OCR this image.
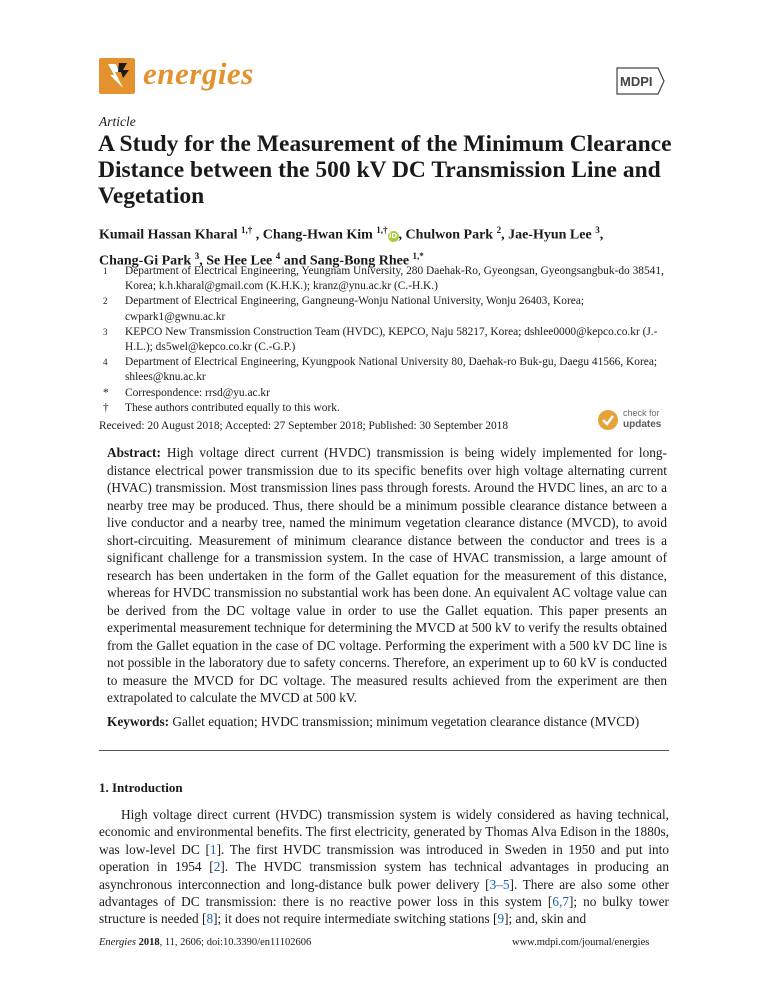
energies	MDPI
Article
A Study for the Measurement of the Minimum Clearance Distance between the 500 kV DC Transmission Line and Vegetation
Kumail Hassan Kharal $^{1,\dagger}$ , Chang-Hwan Kim $^{1,\dagger}$iD, Chulwon Park $^2$, Jae-Hyun Lee $^3$,
Chang-Gi Park $^3$, Se Hee Lee $^4$ and Sang-Bong Rhee $^{1,*}$
1	Department of Electrical Engineering, Yeungnam University, 280 Daehak-Ro, Gyeongsan, Gyeongsangbuk-do 38541, Korea; k.h.kharal@gmail.com (K.H.K.); kranz@ynu.ac.kr (C.-H.K.)
2	Department of Electrical Engineering, Gangneung-Wonju National University, Wonju 26403, Korea; cwpark1@gwnu.ac.kr
3	KEPCO New Transmission Construction Team (HVDC), KEPCO, Naju 58217, Korea; dshlee0000@kepco.co.kr (J.-H.L.); ds5wel@kepco.co.kr (C.-G.P.)
4	Department of Electrical Engineering, Kyungpook National University 80, Daehak-ro Buk-gu, Daegu 41566, Korea; shlees@knu.ac.kr
*	Correspondence: rrsd@yu.ac.kr
†	These authors contributed equally to this work.
Received: 20 August 2018; Accepted: 27 September 2018; Published: 30 September 2018
check for
updates

Abstract: High voltage direct current (HVDC) transmission is being widely implemented for long-distance electrical power transmission due to its specific benefits over high voltage alternating current (HVAC) transmission. Most transmission lines pass through forests. Around the HVDC lines, an arc to a nearby tree may be produced. Thus, there should be a minimum possible clearance distance between a live conductor and a nearby tree, named the minimum vegetation clearance distance (MVCD), to avoid short-circuiting. Measurement of minimum clearance distance between the conductor and trees is a significant challenge for a transmission system. In the case of HVAC transmission, a large amount of research has been undertaken in the form of the Gallet equation for the measurement of this distance, whereas for HVDC transmission no substantial work has been done. An equivalent AC voltage value can be derived from the DC voltage value in order to use the Gallet equation. This paper presents an experimental measurement technique for determining the MVCD at 500 kV to verify the results obtained from the Gallet equation in the case of DC voltage. Performing the experiment with a 500 kV DC line is not possible in the laboratory due to safety concerns. Therefore, an experiment up to 60 kV is conducted to measure the MVCD for DC voltage. The measured results achieved from the experiment are then extrapolated to calculate the MVCD at 500 kV.

Keywords: Gallet equation; HVDC transmission; minimum vegetation clearance distance (MVCD)

1. Introduction

High voltage direct current (HVDC) transmission system is widely considered as having technical, economic and environmental benefits. The first electricity, generated by Thomas Alva Edison in the 1880s, was low-level DC [1]. The first HVDC transmission was introduced in Sweden in 1950 and put into operation in 1954 [2]. The HVDC transmission system has technical advantages in producing an asynchronous interconnection and long-distance bulk power delivery [3–5]. There are also some other advantages of DC transmission: there is no reactive power loss in this system [6,7]; no bulky tower structure is needed [8]; it does not require intermediate switching stations [9]; and, skin and

Energies 2018, 11, 2606; doi:10.3390/en11102606	www.mdpi.com/journal/energies
